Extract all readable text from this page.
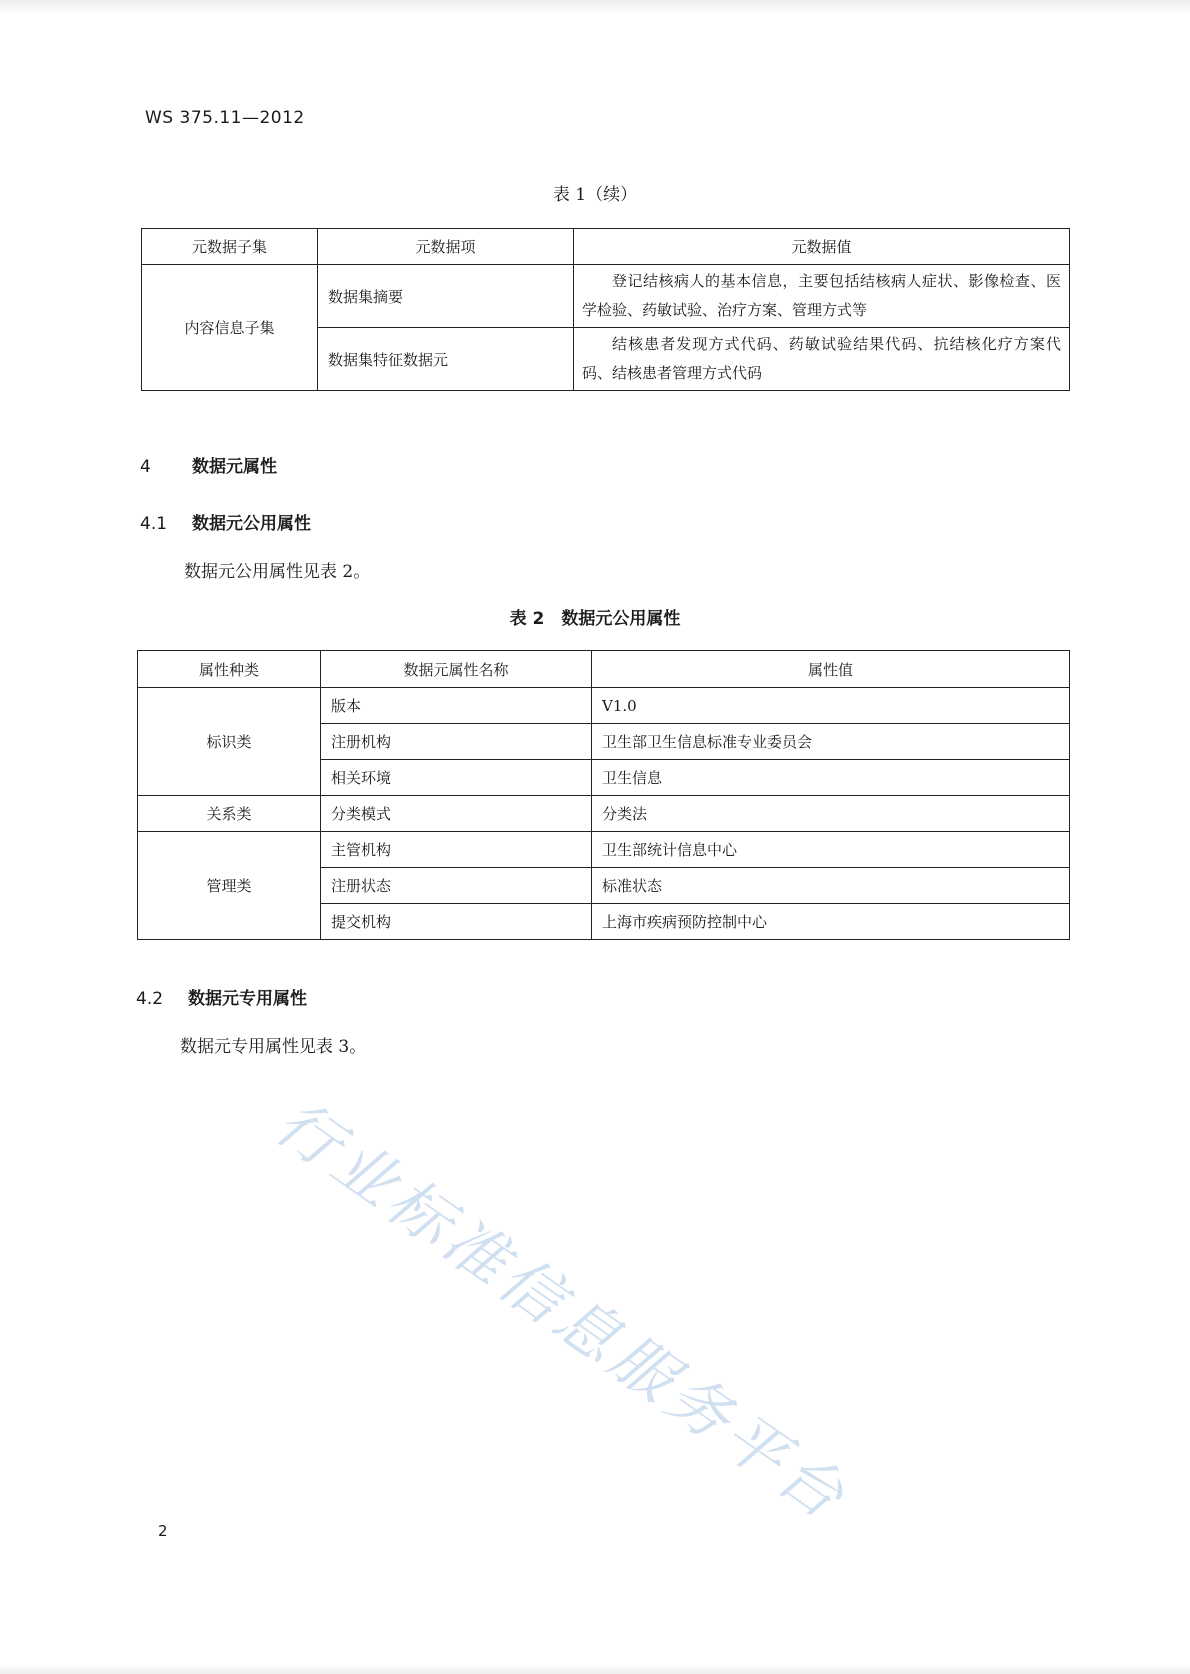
WS 375.11—2012
表 1（续）
元数据子集	元数据项	元数据值
内容信息子集	数据集摘要	登记结核病人的基本信息，主要包括结核病人症状、影像检查、医学检验、药敏试验、治疗方案、管理方式等
	数据集特征数据元	结核患者发现方式代码、药敏试验结果代码、抗结核化疗方案代码、结核患者管理方式代码
4 数据元属性
4.1 数据元公用属性
数据元公用属性见表 2。
表 2　数据元公用属性
属性种类	数据元属性名称	属性值
标识类	版本	V1.0
	注册机构	卫生部卫生信息标准专业委员会
	相关环境	卫生信息
关系类	分类模式	分类法
管理类	主管机构	卫生部统计信息中心
	注册状态	标准状态
	提交机构	上海市疾病预防控制中心
4.2 数据元专用属性
数据元专用属性见表 3。
行业标准信息服务平台
2
